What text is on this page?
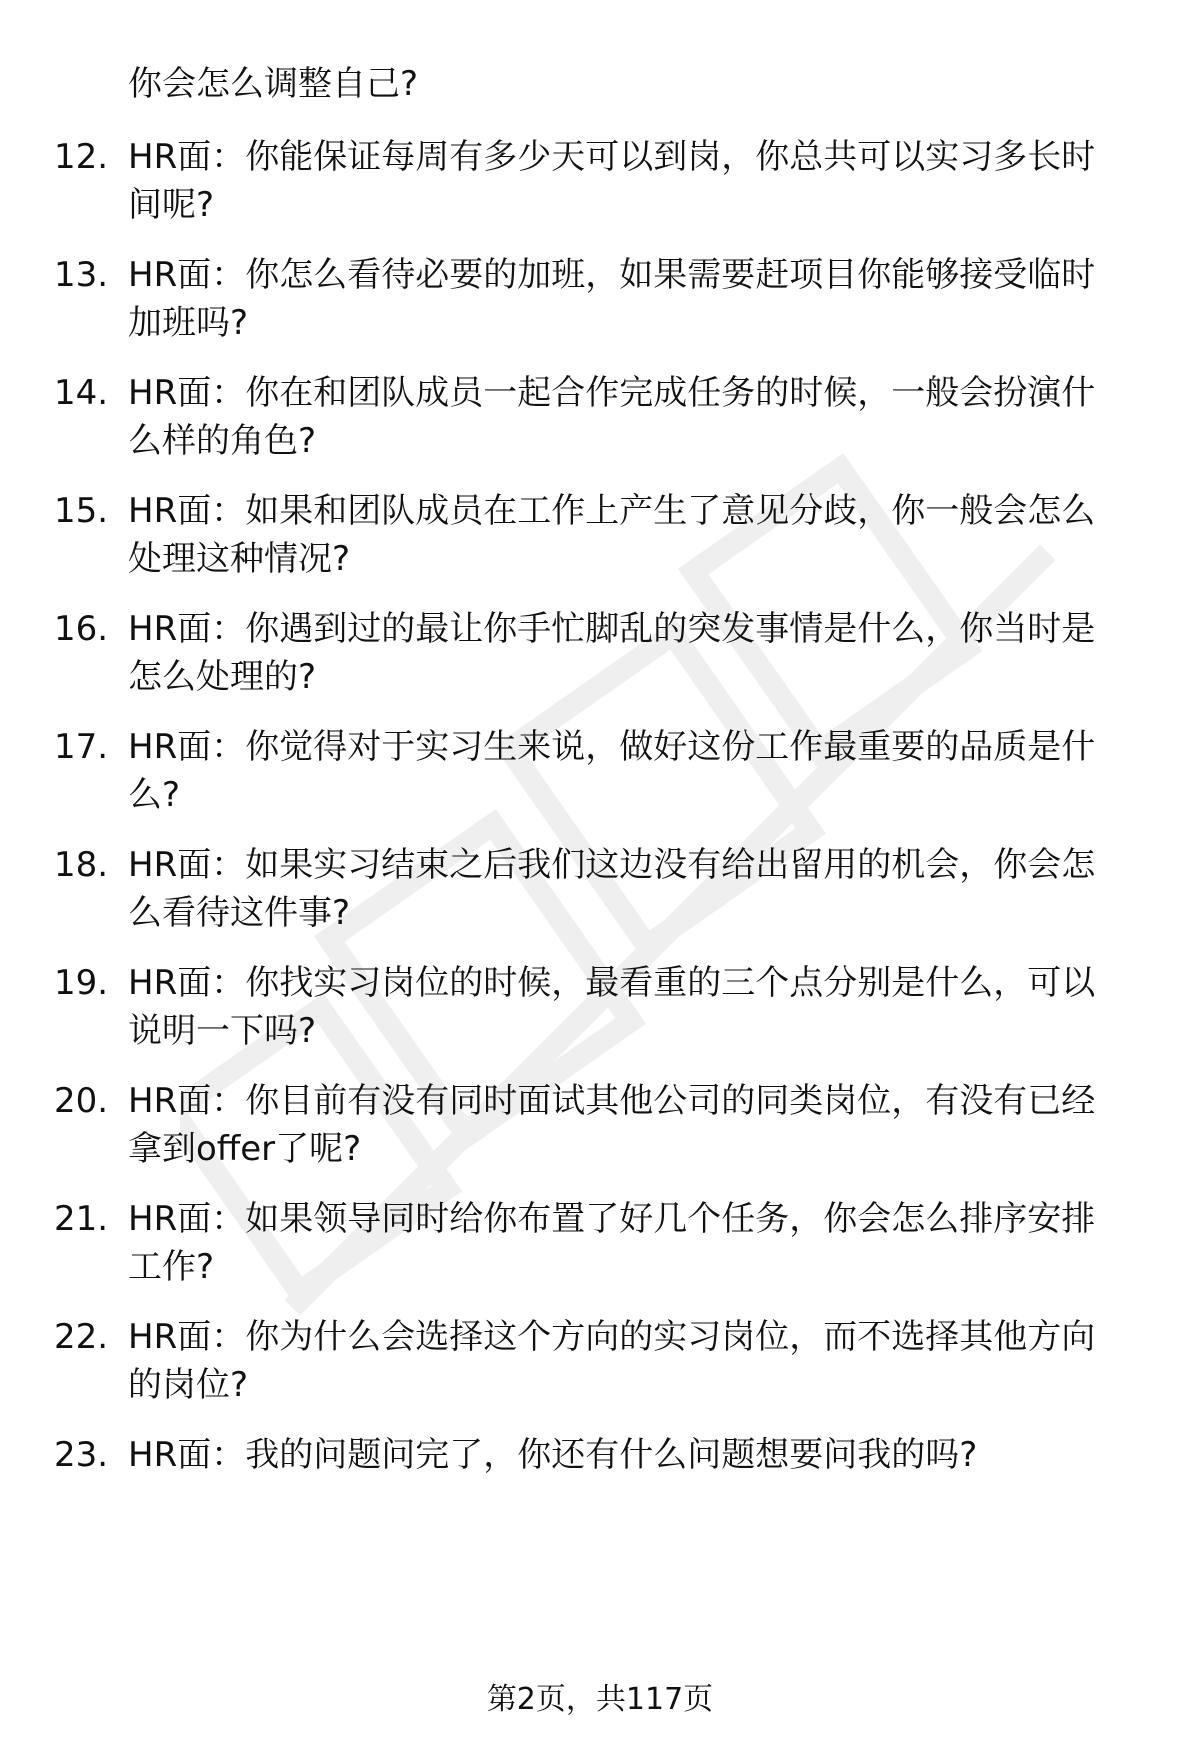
你会怎么调整自己?
12. HR面：你能保证每周有多少天可以到岗，你总共可以实习多长时
间呢?
13. HR面：你怎么看待必要的加班，如果需要赶项目你能够接受临时
加班吗?
14. HR面：你在和团队成员一起合作完成任务的时候，一般会扮演什
么样的角色?
15. HR面：如果和团队成员在工作上产生了意见分歧，你一般会怎么
处理这种情况?
16. HR面：你遇到过的最让你手忙脚乱的突发事情是什么，你当时是
怎么处理的?
17. HR面：你觉得对于实习生来说，做好这份工作最重要的品质是什
么?
18. HR面：如果实习结束之后我们这边没有给出留用的机会，你会怎
么看待这件事?
19. HR面：你找实习岗位的时候，最看重的三个点分别是什么，可以
说明一下吗?
20. HR面：你目前有没有同时面试其他公司的同类岗位，有没有已经
拿到offer了呢?
21. HR面：如果领导同时给你布置了好几个任务，你会怎么排序安排
工作?
22. HR面：你为什么会选择这个方向的实习岗位，而不选择其他方向
的岗位?
23. HR面：我的问题问完了，你还有什么问题想要问我的吗?
第2页，共117页
